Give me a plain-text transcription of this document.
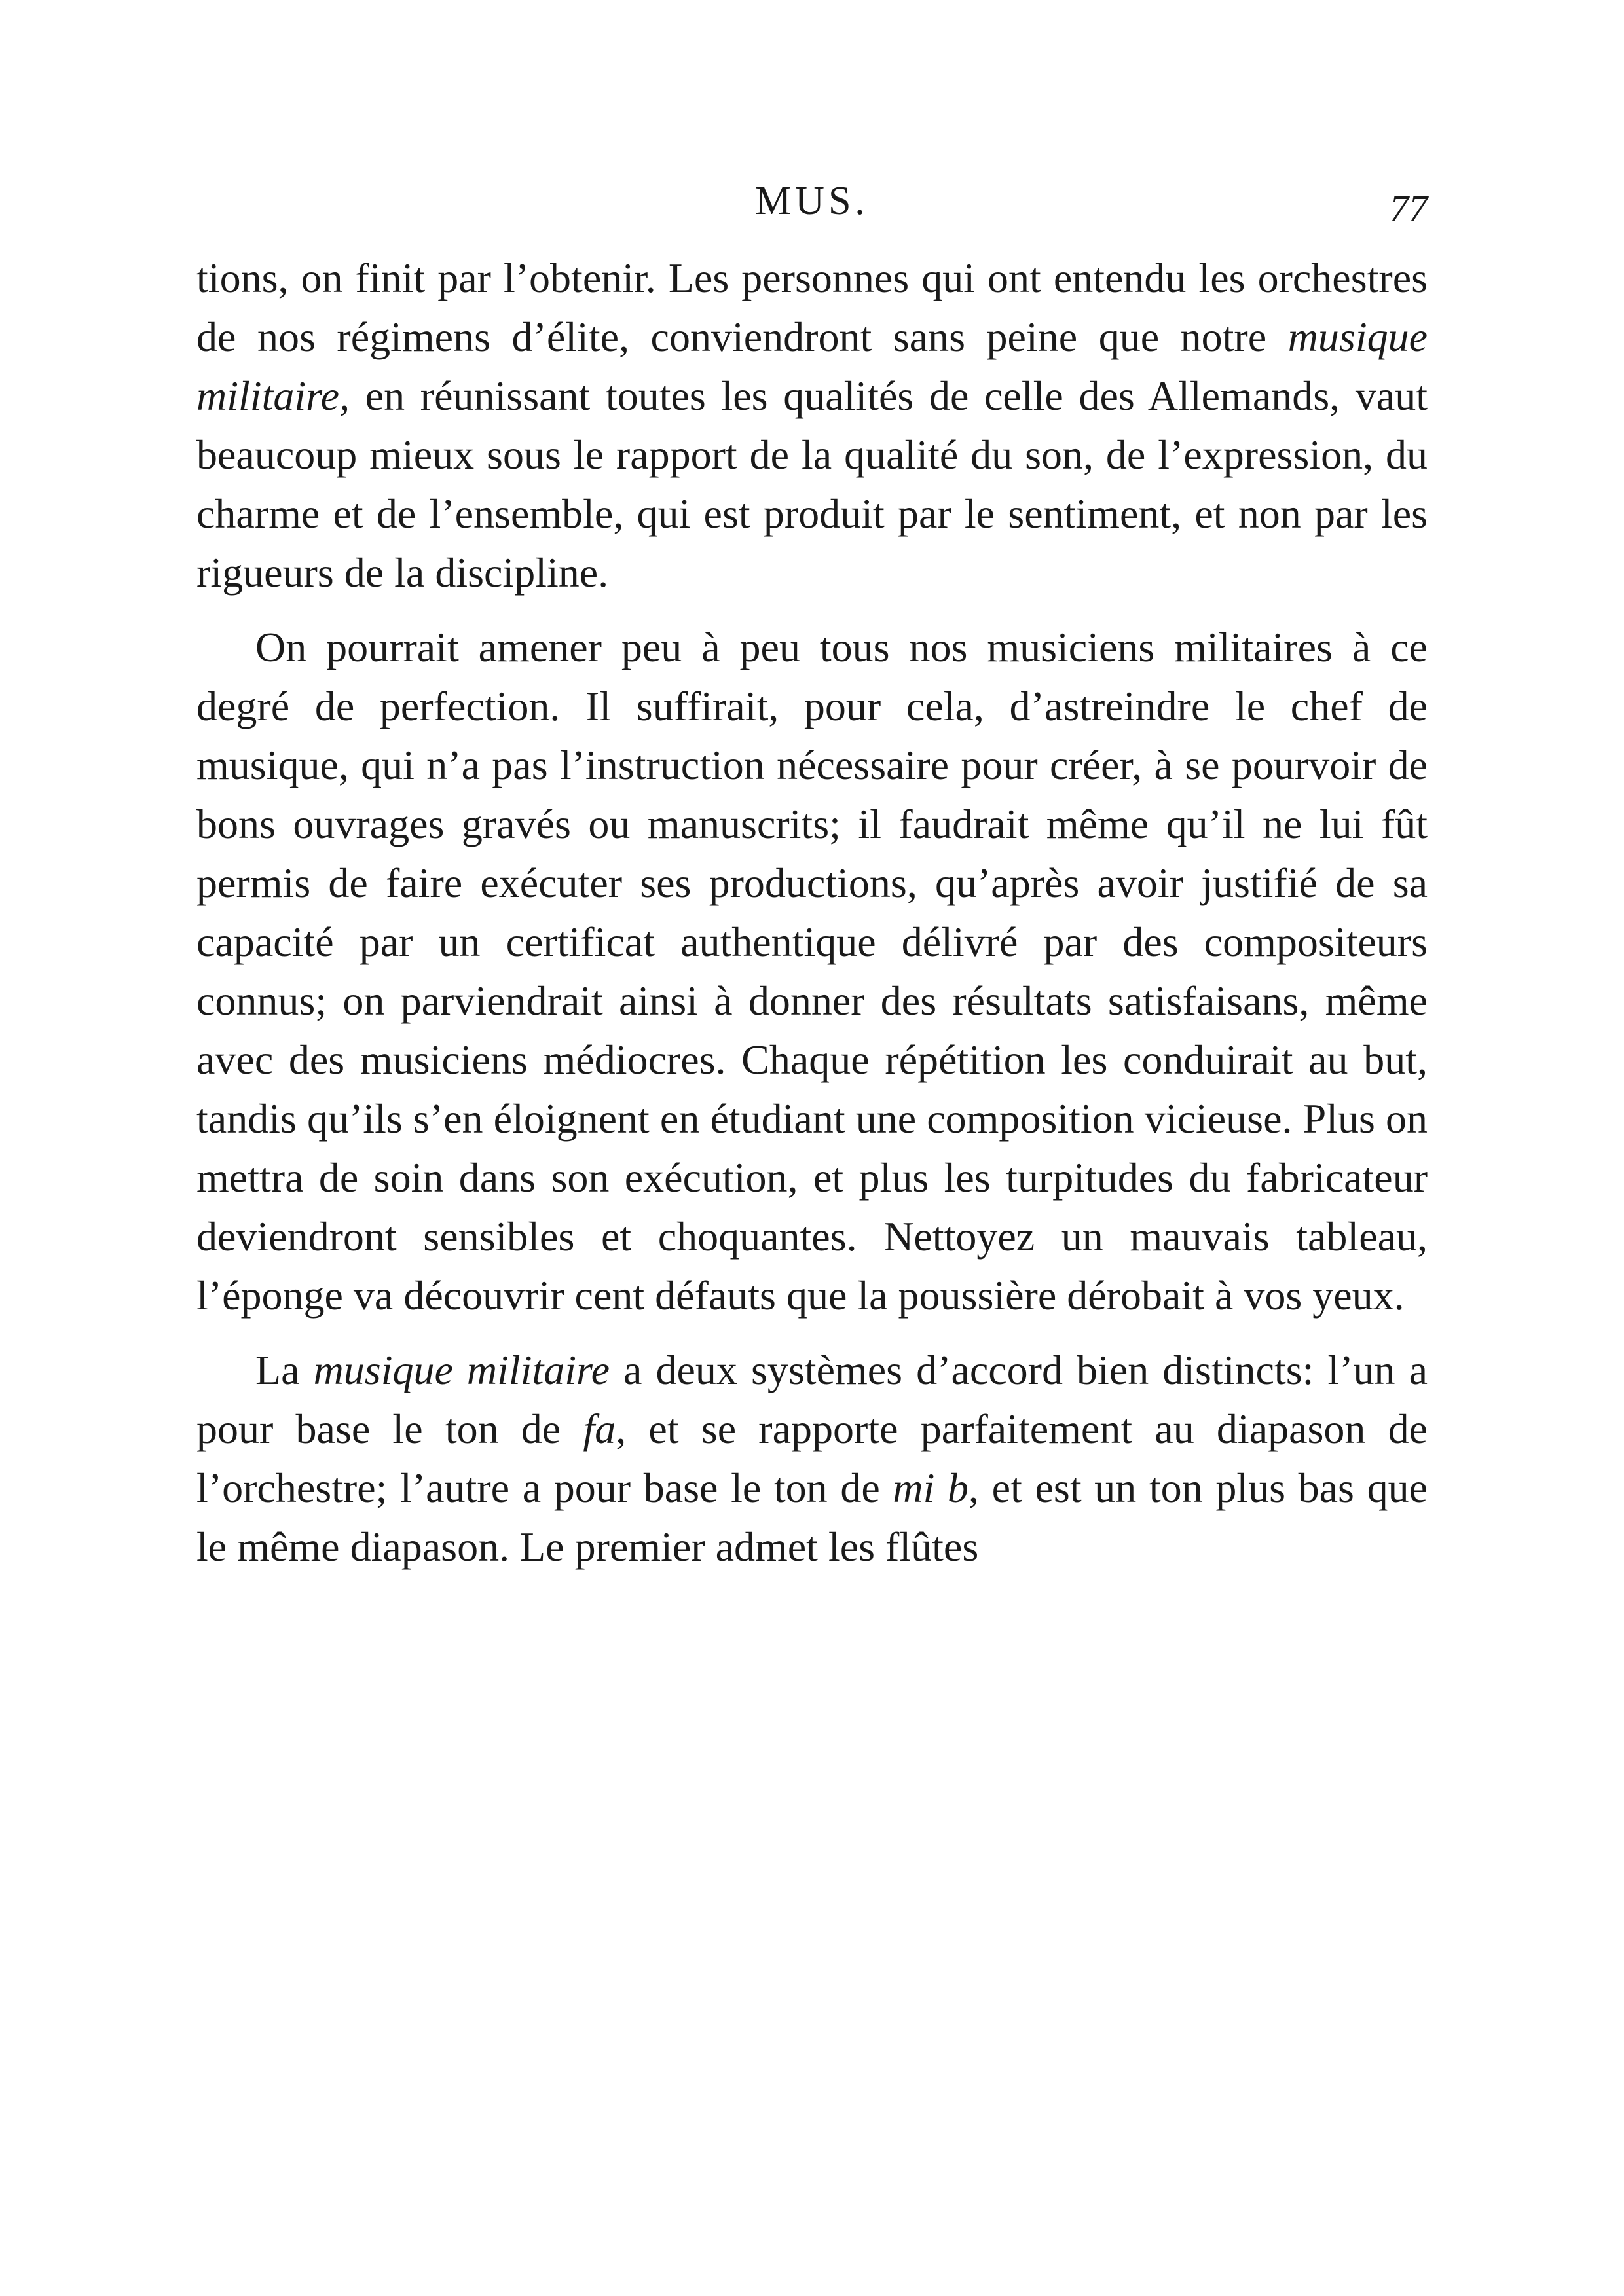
MUS.	77

tions, on finit par l’obtenir. Les personnes qui ont entendu les orchestres de nos régimens d’élite, conviendront sans peine que notre musique militaire, en réunissant toutes les qualités de celle des Allemands, vaut beaucoup mieux sous le rapport de la qualité du son, de l’expression, du charme et de l’ensemble, qui est produit par le sentiment, et non par les rigueurs de la discipline.

On pourrait amener peu à peu tous nos musiciens militaires à ce degré de perfection. Il suffirait, pour cela, d’astreindre le chef de musique, qui n’a pas l’instruction nécessaire pour créer, à se pourvoir de bons ouvrages gravés ou manuscrits; il faudrait même qu’il ne lui fût permis de faire exécuter ses productions, qu’après avoir justifié de sa capacité par un certificat authentique délivré par des compositeurs connus; on parviendrait ainsi à donner des résultats satisfaisans, même avec des musiciens médiocres. Chaque répétition les conduirait au but, tandis qu’ils s’en éloignent en étudiant une composition vicieuse. Plus on mettra de soin dans son exécution, et plus les turpitudes du fabricateur deviendront sensibles et choquantes. Nettoyez un mauvais tableau, l’éponge va découvrir cent défauts que la poussière dérobait à vos yeux.

La musique militaire a deux systèmes d’accord bien distincts: l’un a pour base le ton de fa, et se rapporte parfaitement au diapason de l’orchestre; l’autre a pour base le ton de mi b, et est un ton plus bas que le même diapason. Le premier admet les flûtes
